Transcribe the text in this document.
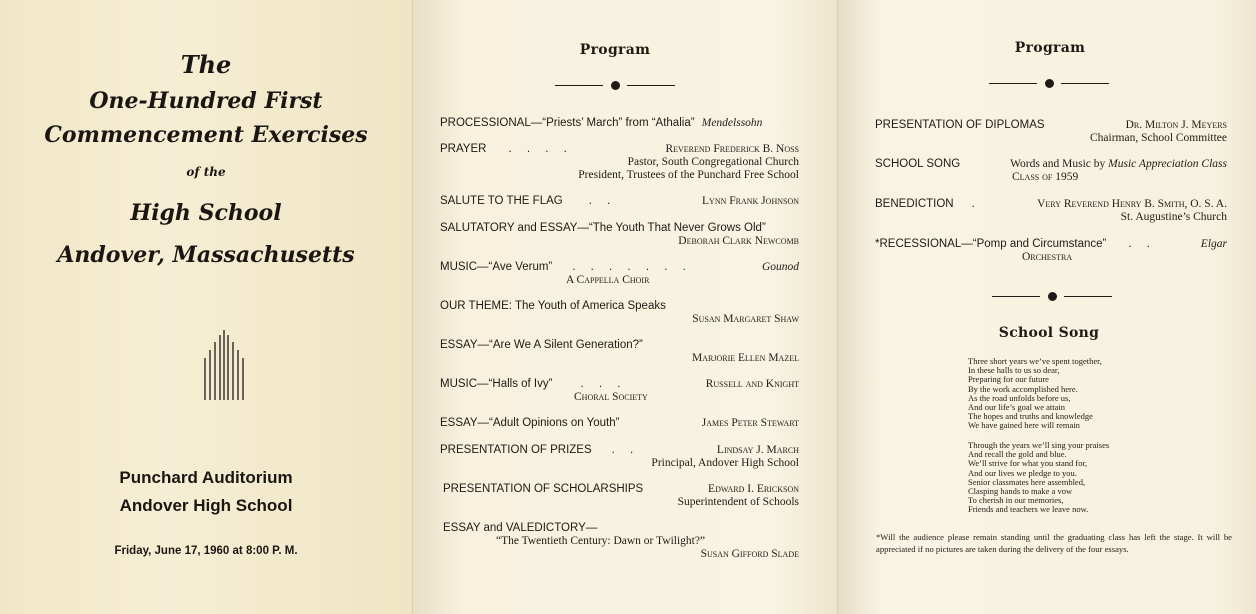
The
One-Hundred First
Commencement Exercises
of the
High School
Andover, Massachusetts
Punchard Auditorium
Andover High School
Friday, June 17, 1960 at 8:00 P. M.
Program
PROCESSIONAL—“Priests’ March” from “Athalia” Mendelssohn
PRAYER . . . .	Reverend Frederick B. Noss
Pastor, South Congregational Church
President, Trustees of the Punchard Free School
SALUTE TO THE FLAG . .	Lynn Frank Johnson
SALUTATORY and ESSAY—“The Youth That Never Grows Old”
Deborah Clark Newcomb
MUSIC—“Ave Verum” . . . . . . .	Gounod
A Cappella Choir
OUR THEME: The Youth of America Speaks
Susan Margaret Shaw
ESSAY—“Are We A Silent Generation?”
Marjorie Ellen Mazel
MUSIC—“Halls of Ivy” . . .	Russell and Knight
Choral Society
ESSAY—“Adult Opinions on Youth”	James Peter Stewart
PRESENTATION OF PRIZES . .	Lindsay J. March
Principal, Andover High School
PRESENTATION OF SCHOLARSHIPS	Edward I. Erickson
Superintendent of Schools
ESSAY and VALEDICTORY—
“The Twentieth Century: Dawn or Twilight?”
Susan Gifford Slade
Program
PRESENTATION OF DIPLOMAS	Dr. Milton J. Meyers
Chairman, School Committee
SCHOOL SONG	Words and Music by Music Appreciation Class
Class of 1959
BENEDICTION .	Very Reverend Henry B. Smith, O. S. A.
St. Augustine’s Church
*RECESSIONAL—“Pomp and Circumstance” . .	Elgar
Orchestra
School Song
Three short years we’ve spent together,
In these halls to us so dear,
Preparing for our future
By the work accomplished here.
As the road unfolds before us,
And our life’s goal we attain
The hopes and truths and knowledge
We have gained here will remain
Through the years we’ll sing your praises
And recall the gold and blue.
We’ll strive for what you stand for,
And our lives we pledge to you.
Senior classmates here assembled,
Clasping hands to make a vow
To cherish in our memories,
Friends and teachers we leave now.
*Will the audience please remain standing until the graduating class has left the stage. It will be appreciated if no pictures are taken during the delivery of the four essays.
